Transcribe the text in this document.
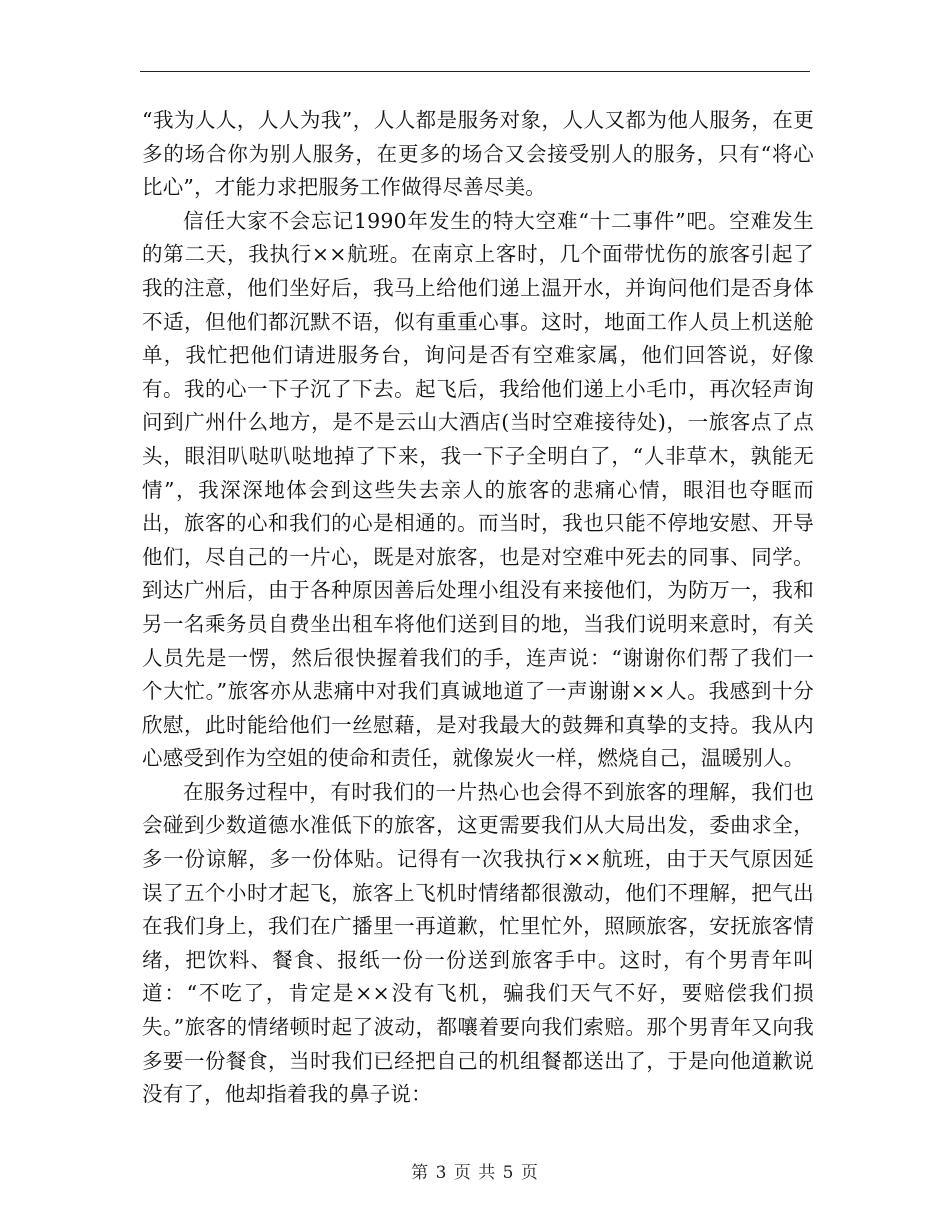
“我为人人，人人为我”，人人都是服务对象，人人又都为他人服务，在更多的场合你为别人服务，在更多的场合又会接受别人的服务，只有“将心比心”，才能力求把服务工作做得尽善尽美。

信任大家不会忘记1990年发生的特大空难“十二事件”吧。空难发生的第二天，我执行××航班。在南京上客时，几个面带忧伤的旅客引起了我的注意，他们坐好后，我马上给他们递上温开水，并询问他们是否身体不适，但他们都沉默不语，似有重重心事。这时，地面工作人员上机送舱单，我忙把他们请进服务台，询问是否有空难家属，他们回答说，好像有。我的心一下子沉了下去。起飞后，我给他们递上小毛巾，再次轻声询问到广州什么地方，是不是云山大酒店(当时空难接待处)，一旅客点了点头，眼泪叭哒叭哒地掉了下来，我一下子全明白了，“人非草木，孰能无情”，我深深地体会到这些失去亲人的旅客的悲痛心情，眼泪也夺眶而出，旅客的心和我们的心是相通的。而当时，我也只能不停地安慰、开导他们，尽自己的一片心，既是对旅客，也是对空难中死去的同事、同学。到达广州后，由于各种原因善后处理小组没有来接他们，为防万一，我和另一名乘务员自费坐出租车将他们送到目的地，当我们说明来意时，有关人员先是一愣，然后很快握着我们的手，连声说：“谢谢你们帮了我们一个大忙。”旅客亦从悲痛中对我们真诚地道了一声谢谢××人。我感到十分欣慰，此时能给他们一丝慰藉，是对我最大的鼓舞和真挚的支持。我从内心感受到作为空姐的使命和责任，就像炭火一样，燃烧自己，温暖别人。

在服务过程中，有时我们的一片热心也会得不到旅客的理解，我们也会碰到少数道德水准低下的旅客，这更需要我们从大局出发，委曲求全，多一份谅解，多一份体贴。记得有一次我执行××航班，由于天气原因延误了五个小时才起飞，旅客上飞机时情绪都很激动，他们不理解，把气出在我们身上，我们在广播里一再道歉，忙里忙外，照顾旅客，安抚旅客情绪，把饮料、餐食、报纸一份一份送到旅客手中。这时，有个男青年叫道：“不吃了，肯定是××没有飞机，骗我们天气不好，要赔偿我们损失。”旅客的情绪顿时起了波动，都嚷着要向我们索赔。那个男青年又向我多要一份餐食，当时我们已经把自己的机组餐都送出了，于是向他道歉说没有了，他却指着我的鼻子说：

第 3 页 共 5 页
